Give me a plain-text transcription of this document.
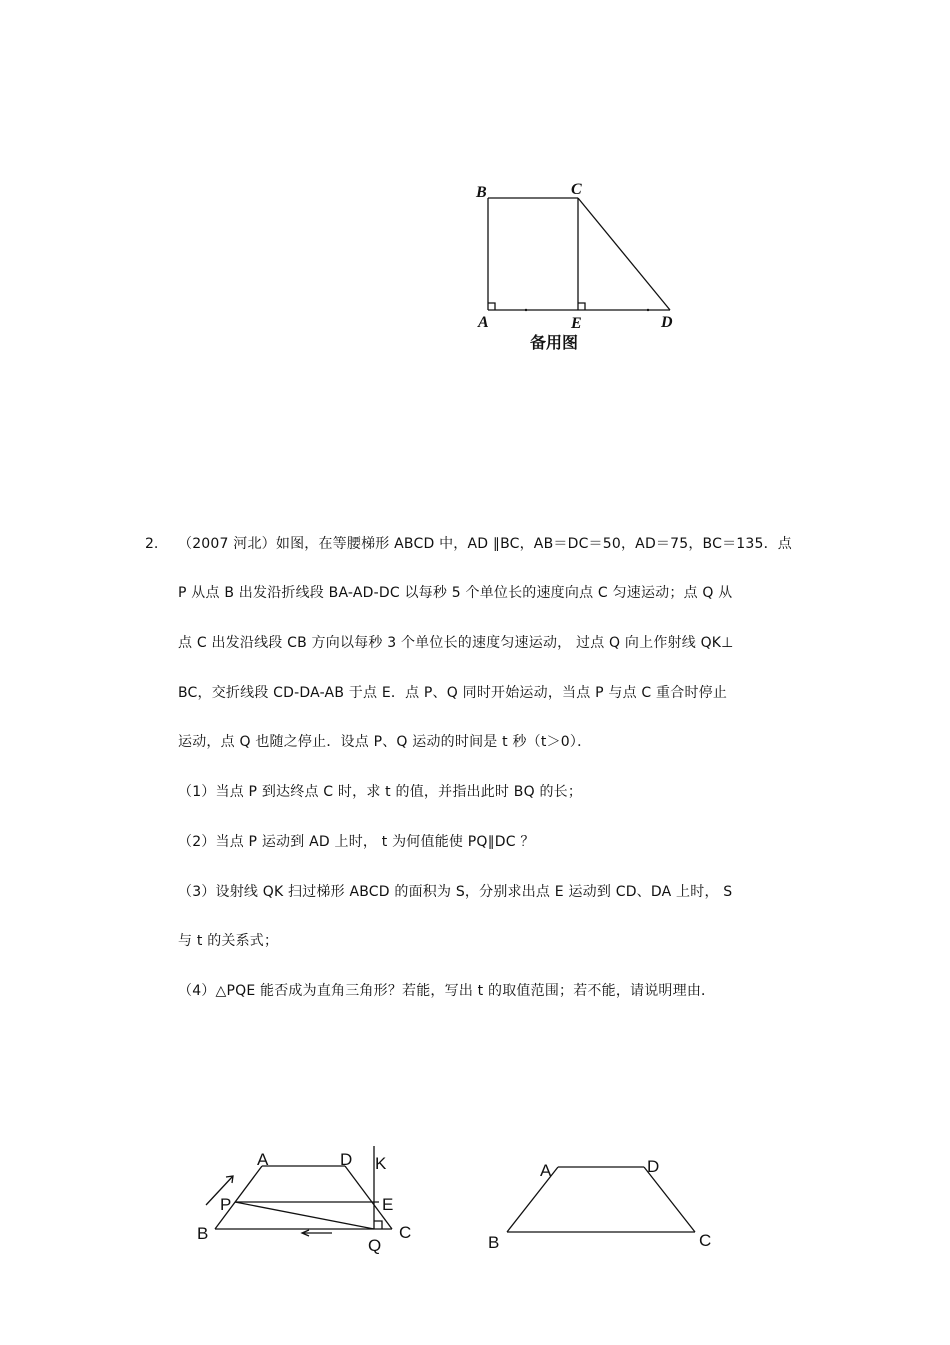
B	C
A	E	D
备用图
2. （2007 河北）如图，在等腰梯形 ABCD 中，AD ∥BC，AB＝DC＝50，AD＝75，BC＝135．点
P 从点 B 出发沿折线段 BA-AD-DC 以每秒 5 个单位长的速度向点 C 匀速运动；点 Q 从
点 C 出发沿线段 CB 方向以每秒 3 个单位长的速度匀速运动， 过点 Q 向上作射线 QK⊥
BC，交折线段 CD-DA-AB 于点 E．点 P、Q 同时开始运动，当点 P 与点 C 重合时停止
运动，点 Q 也随之停止．设点 P、Q 运动的时间是 t 秒（t＞0）．
（1）当点 P 到达终点 C 时，求 t 的值，并指出此时 BQ 的长；
（2）当点 P 运动到 AD 上时， t 为何值能使 PQ∥DC ？
（3）设射线 QK 扫过梯形 ABCD 的面积为 S，分别求出点 E 运动到 CD、DA 上时， S
与 t 的关系式；
（4）△PQE 能否成为直角三角形？若能，写出 t 的取值范围；若不能，请说明理由．
A	D K
P	E
B
Q
C
A	D
B	C
